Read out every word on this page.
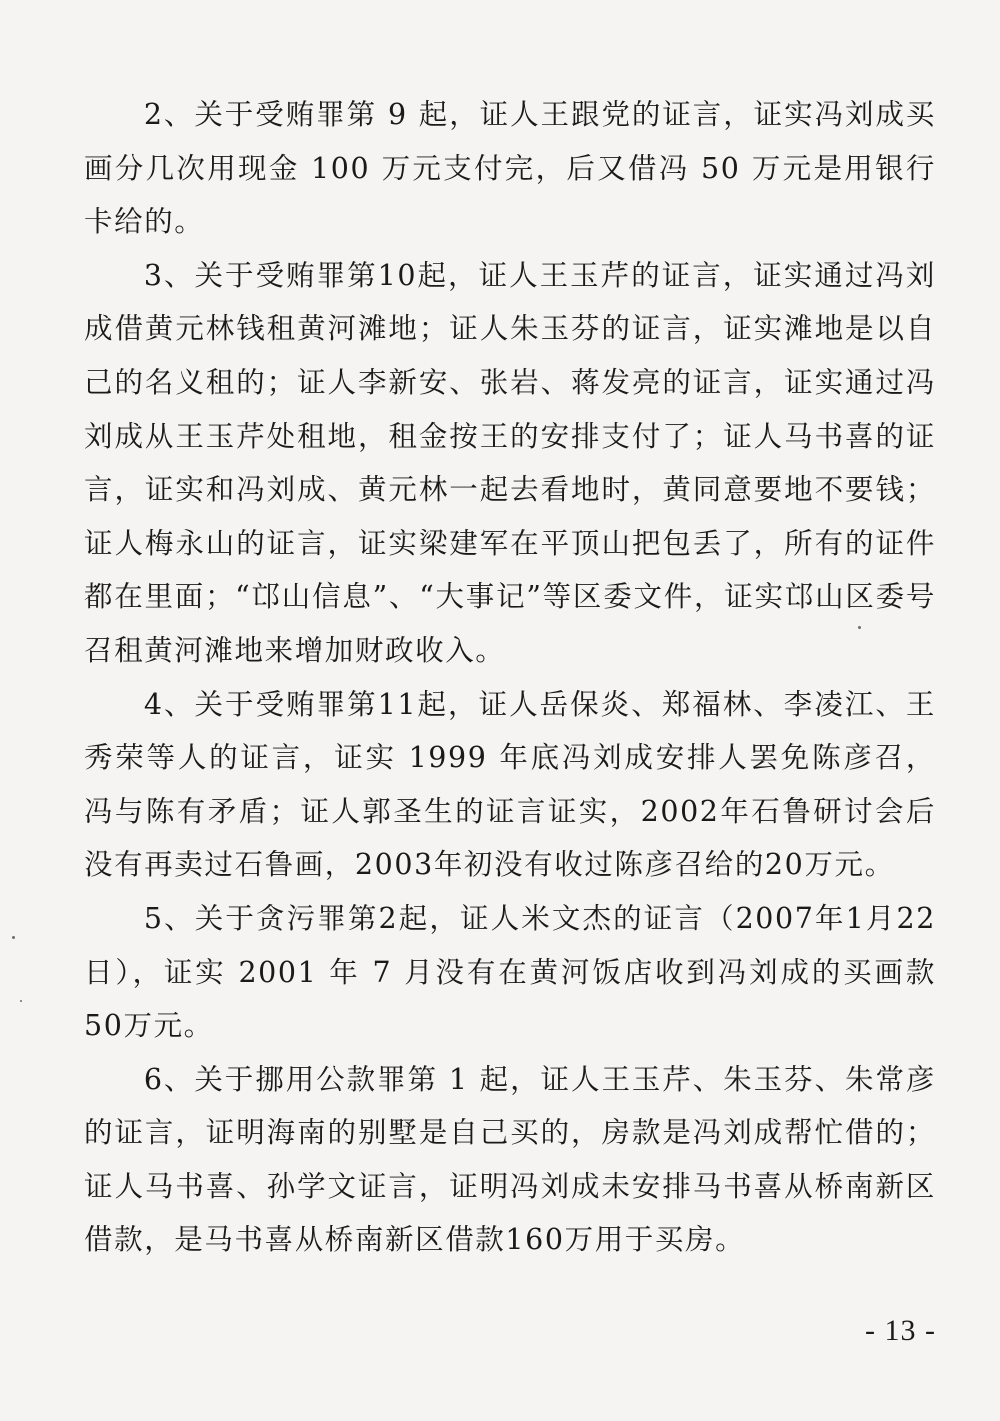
2、关于受贿罪第 9 起，证人王跟党的证言，证实冯刘成买画分几次用现金 100 万元支付完，后又借冯 50 万元是用银行卡给的。

3、关于受贿罪第10起，证人王玉芹的证言，证实通过冯刘成借黄元林钱租黄河滩地；证人朱玉芬的证言，证实滩地是以自己的名义租的；证人李新安、张岩、蒋发亮的证言，证实通过冯刘成从王玉芹处租地，租金按王的安排支付了；证人马书喜的证言，证实和冯刘成、黄元林一起去看地时，黄同意要地不要钱；证人梅永山的证言，证实梁建军在平顶山把包丢了，所有的证件都在里面；“邙山信息”、“大事记”等区委文件，证实邙山区委号召租黄河滩地来增加财政收入。

4、关于受贿罪第11起，证人岳保炎、郑福林、李凌江、王秀荣等人的证言，证实 1999 年底冯刘成安排人罢免陈彦召，冯与陈有矛盾；证人郭圣生的证言证实，2002年石鲁研讨会后没有再卖过石鲁画，2003年初没有收过陈彦召给的20万元。

5、关于贪污罪第2起，证人米文杰的证言（2007年1月22日），证实 2001 年 7 月没有在黄河饭店收到冯刘成的买画款 50万元。

6、关于挪用公款罪第 1 起，证人王玉芹、朱玉芬、朱常彦的证言，证明海南的别墅是自己买的，房款是冯刘成帮忙借的；证人马书喜、孙学文证言，证明冯刘成未安排马书喜从桥南新区借款，是马书喜从桥南新区借款160万用于买房。

- 13 -
